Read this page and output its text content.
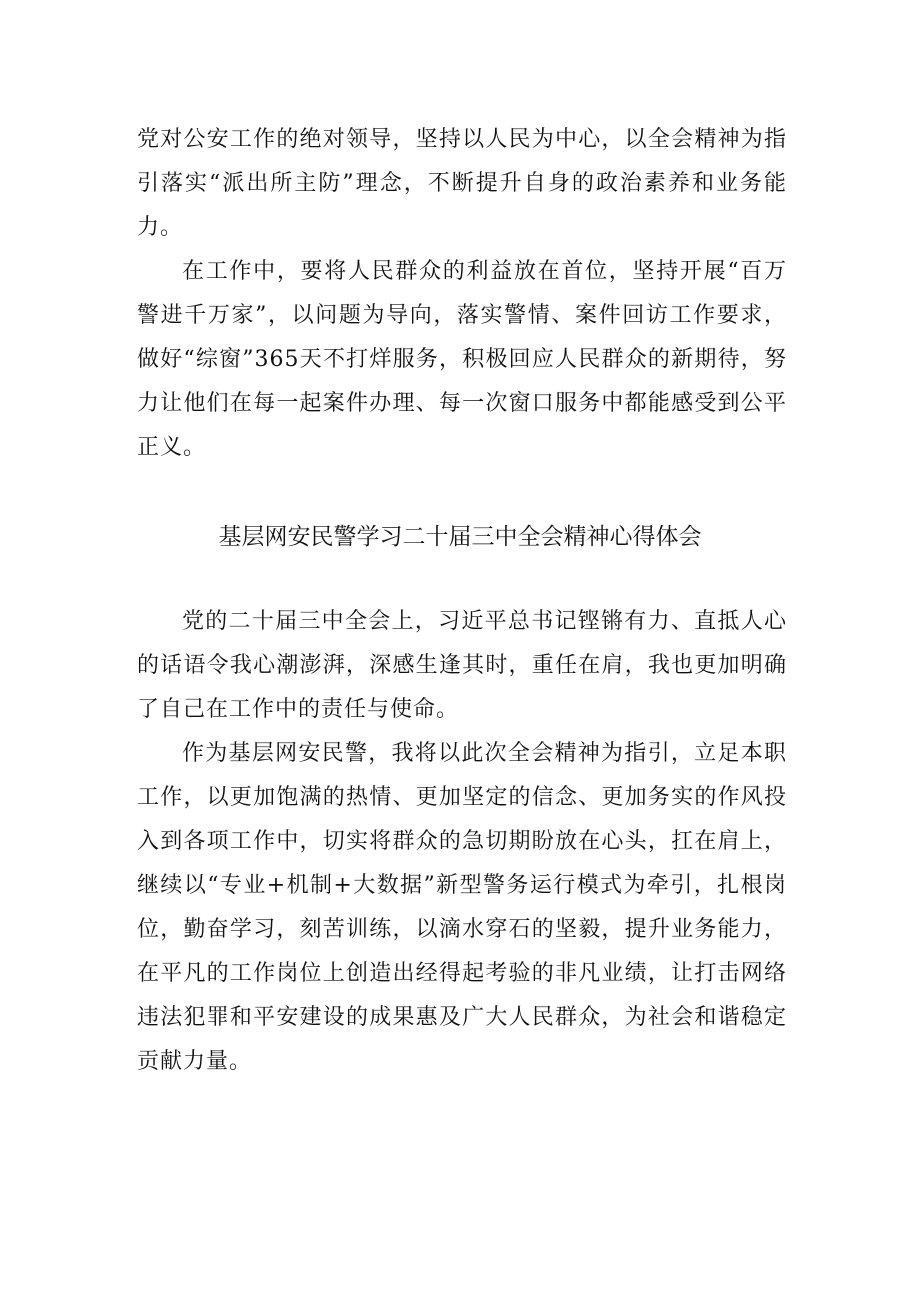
党对公安工作的绝对领导，坚持以人民为中心，以全会精神为指引落实“派出所主防”理念，不断提升自身的政治素养和业务能力。

在工作中，要将人民群众的利益放在首位，坚持开展“百万警进千万家”，以问题为导向，落实警情、案件回访工作要求，做好“综窗”365天不打烊服务，积极回应人民群众的新期待，努力让他们在每一起案件办理、每一次窗口服务中都能感受到公平正义。

基层网安民警学习二十届三中全会精神心得体会

党的二十届三中全会上，习近平总书记铿锵有力、直抵人心的话语令我心潮澎湃，深感生逢其时，重任在肩，我也更加明确了自己在工作中的责任与使命。

作为基层网安民警，我将以此次全会精神为指引，立足本职工作，以更加饱满的热情、更加坚定的信念、更加务实的作风投入到各项工作中，切实将群众的急切期盼放在心头，扛在肩上，继续以“专业+机制+大数据”新型警务运行模式为牵引，扎根岗位，勤奋学习，刻苦训练，以滴水穿石的坚毅，提升业务能力，在平凡的工作岗位上创造出经得起考验的非凡业绩，让打击网络违法犯罪和平安建设的成果惠及广大人民群众，为社会和谐稳定贡献力量。
